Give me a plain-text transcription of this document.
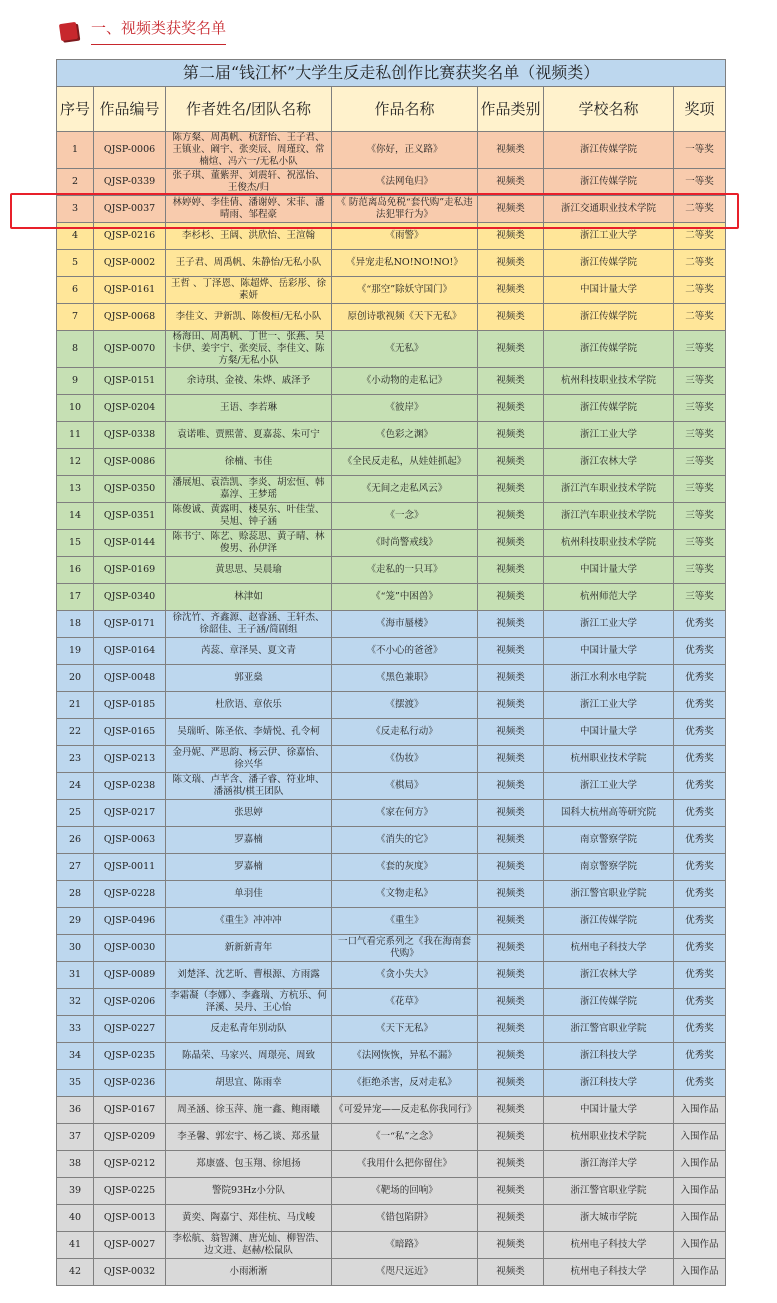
一、视频类获奖名单
第二届“钱江杯”大学生反走私创作比赛获奖名单（视频类）						
序号	作品编号	作者姓名/团队名称	作品名称	作品类别	学校名称	奖项
1	QJSP-0006	陈方粲、周禹帆、杭舒怡、王子君、王镇业、阚宇、张奕辰、周瑾玟、常楠煊、冯六一/无私小队	《你好，正义路》	视频类	浙江传媒学院	一等奖
2	QJSP-0339	张子琪、董紫羿、刘震轩、祝泓怡、王俊杰/归	《法网龟归》	视频类	浙江传媒学院	一等奖
3	QJSP-0037	林婷婷、李佳倩、潘谢婷、宋菲、潘晴雨、邹程豪	《 防范离岛免税“套代购”走私违法犯罪行为》	视频类	浙江交通职业技术学院	二等奖
4	QJSP-0216	李杉杉、王阔、洪欣怡、王渲翰	《雨警》	视频类	浙江工业大学	二等奖
5	QJSP-0002	王子君、周禹帆、朱静怡/无私小队	《异宠走私NO!NO!NO!》	视频类	浙江传媒学院	二等奖
6	QJSP-0161	王哲 、丁泽恩、陈超烨、岳彩彤、徐素妍	《“那空”除妖守国门》	视频类	中国计量大学	二等奖
7	QJSP-0068	李佳文、尹新凯、陈俊桓/无私小队	原创诗歌视频《天下无私》	视频类	浙江传媒学院	二等奖
8	QJSP-0070	杨海田、周禹帆、丁世一、张燕、吴卡伊、姜宇宁、张奕辰、李佳文、陈方粲/无私小队	《无私》	视频类	浙江传媒学院	三等奖
9	QJSP-0151	余诗琪、金祾、朱烨、戚泽予	《小动物的走私记》	视频类	杭州科技职业技术学院	三等奖
10	QJSP-0204	王语、李若琳	《彼岸》	视频类	浙江传媒学院	三等奖
11	QJSP-0338	袁诺唯、贾熙蕾、夏嘉蕊、朱可宁	《色彩之渊》	视频类	浙江工业大学	三等奖
12	QJSP-0086	徐楠、韦佳	《全民反走私，从娃娃抓起》	视频类	浙江农林大学	三等奖
13	QJSP-0350	潘展旭、袁浩凯、李炎、胡宏恒、韩嘉淳、王梦瑶	《无间之走私风云》	视频类	浙江汽车职业技术学院	三等奖
14	QJSP-0351	陈俊诚、黄露明、楼昊东、叶佳莹、吴旭、钟子涵	《一念》	视频类	浙江汽车职业技术学院	三等奖
15	QJSP-0144	陈书宁、陈艺、赊蕊思、黄子晴、林俊男、孙伊泽	《时尚警戒线》	视频类	杭州科技职业技术学院	三等奖
16	QJSP-0169	黄思思、吴晨瑜	《走私的一只耳》	视频类	中国计量大学	三等奖
17	QJSP-0340	林津如	《“笼”中困兽》	视频类	杭州师范大学	三等奖
18	QJSP-0171	徐沈竹、齐鑫源、赵睿涵、王轩杰、徐韶佳、王子涵/简剧组	《海市蜃楼》	视频类	浙江工业大学	优秀奖
19	QJSP-0164	芮蕊、章泽昊、夏文青	《不小心的爸爸》	视频类	中国计量大学	优秀奖
20	QJSP-0048	郭亚燊	《黑色兼职》	视频类	浙江水利水电学院	优秀奖
21	QJSP-0185	杜欣语、章依乐	《摆渡》	视频类	浙江工业大学	优秀奖
22	QJSP-0165	吴瑞昕、陈圣依、李婧悦、孔令柯	《反走私行动》	视频类	中国计量大学	优秀奖
23	QJSP-0213	金丹妮、严思韵、杨云伊、徐嘉怡、徐兴华	《伪妆》	视频类	杭州职业技术学院	优秀奖
24	QJSP-0238	陈文瑞、卢芊含、潘子睿、符业坤、潘涵祺/棋王团队	《棋局》	视频类	浙江工业大学	优秀奖
25	QJSP-0217	张思婷	《家在何方》	视频类	国科大杭州高等研究院	优秀奖
26	QJSP-0063	罗嘉楠	《消失的它》	视频类	南京警察学院	优秀奖
27	QJSP-0011	罗嘉楠	《套的灰度》	视频类	南京警察学院	优秀奖
28	QJSP-0228	单羽佳	《文物走私》	视频类	浙江警官职业学院	优秀奖
29	QJSP-0496	《重生》冲冲冲	《重生》	视频类	浙江传媒学院	优秀奖
30	QJSP-0030	新新新青年	一口气看完系列之《我在海南套代购》	视频类	杭州电子科技大学	优秀奖
31	QJSP-0089	刘楚泽、沈艺昕、曹根源、方雨露	《贪小失大》	视频类	浙江农林大学	优秀奖
32	QJSP-0206	李霜凝（李娜）、李鑫瑞、方杭乐、何泽溪、吴丹、王心怡	《花草》	视频类	浙江传媒学院	优秀奖
33	QJSP-0227	反走私青年别动队	《天下无私》	视频类	浙江警官职业学院	优秀奖
34	QJSP-0235	陈晶荣、马家兴、周璟亮、周致	《法网恢恢，异私不漏》	视频类	浙江科技大学	优秀奖
35	QJSP-0236	胡思宜、陈雨幸	《拒绝杀害，反对走私》	视频类	浙江科技大学	优秀奖
36	QJSP-0167	周圣涵、徐玉萍、施一鑫、鲍雨曦	《可爱异宠——反走私你我同行》	视频类	中国计量大学	入围作品
37	QJSP-0209	李圣馨、郭宏宇、杨乙谈、郑丞量	《一“私”之念》	视频类	杭州职业技术学院	入围作品
38	QJSP-0212	郑康盛、包玉翔、徐旭扬	《我用什么把你留住》	视频类	浙江海洋大学	入围作品
39	QJSP-0225	警院93Hz小分队	《靶场的回响》	视频类	浙江警官职业学院	入围作品
40	QJSP-0013	黄奕、陶嘉宁、郑佳杭、马戊峻	《错包陷阱》	视频类	浙大城市学院	入围作品
41	QJSP-0027	李松航、翁智渊、唐光灿、柳智浩、边文进、赵赫/松鼠队	《暗路》	视频类	杭州电子科技大学	入围作品
42	QJSP-0032	小雨淅淅	《咫尺远近》	视频类	杭州电子科技大学	入围作品
